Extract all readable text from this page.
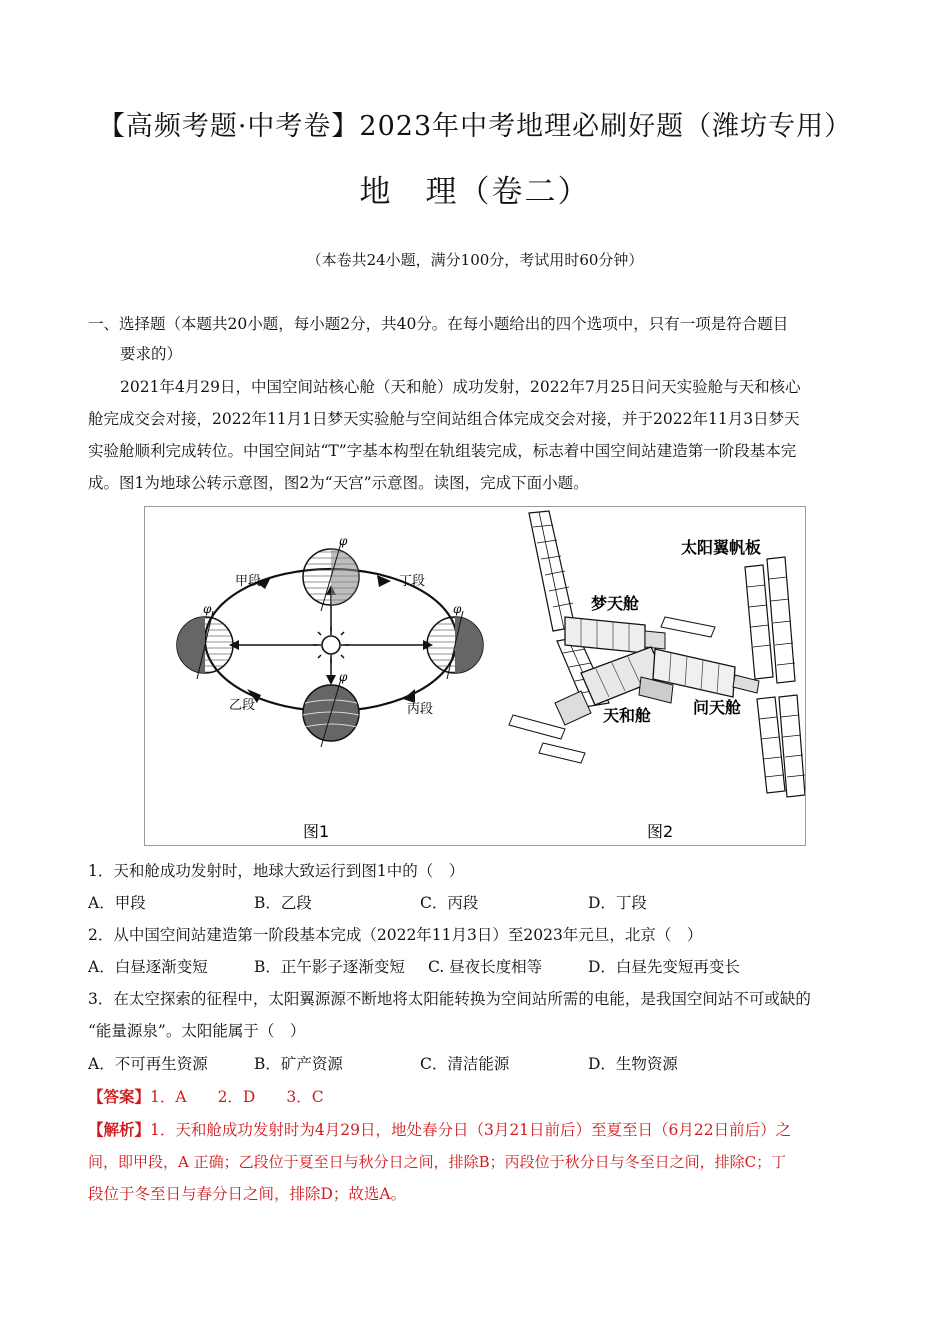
【高频考题·中考卷】2023年中考地理必刷好题（潍坊专用）
地　理（卷二）
（本卷共24小题，满分100分，考试用时60分钟）
一、选择题（本题共20小题，每小题2分，共40分。在每小题给出的四个选项中，只有一项是符合题目
要求的）
2021年4月29日，中国空间站核心舱（天和舱）成功发射，2022年7月25日问天实验舱与天和核心
舱完成交会对接，2022年11月1日梦天实验舱与空间站组合体完成交会对接，并于2022年11月3日梦天
实验舱顺利完成转位。中国空间站“T”字基本构型在轨组装完成，标志着中国空间站建造第一阶段基本完
成。图1为地球公转示意图，图2为“天宫”示意图。读图，完成下面小题。
φ
φ	φ
φ
甲段	丁段
乙段	丙段
图1
太阳翼帆板
梦天舱
天和舱	问天舱
图2
1．天和舱成功发射时，地球大致运行到图1中的（　）
A．甲段	B．乙段	C．丙段	D．丁段
2．从中国空间站建造第一阶段基本完成（2022年11月3日）至2023年元旦，北京（　）
A．白昼逐渐变短	B．正午影子逐渐变短 C. 昼夜长度相等	D．白昼先变短再变长
3．在太空探索的征程中，太阳翼源源不断地将太阳能转换为空间站所需的电能，是我国空间站不可或缺的
“能量源泉”。太阳能属于（　）
A．不可再生资源	B．矿产资源	C．清洁能源	D．生物资源
【答案】1．A　　2．D　　3．C
【解析】1．天和舱成功发射时为4月29日，地处春分日（3月21日前后）至夏至日（6月22日前后）之
间，即甲段，A 正确；乙段位于夏至日与秋分日之间，排除B；丙段位于秋分日与冬至日之间，排除C；丁
段位于冬至日与春分日之间，排除D；故选A。
